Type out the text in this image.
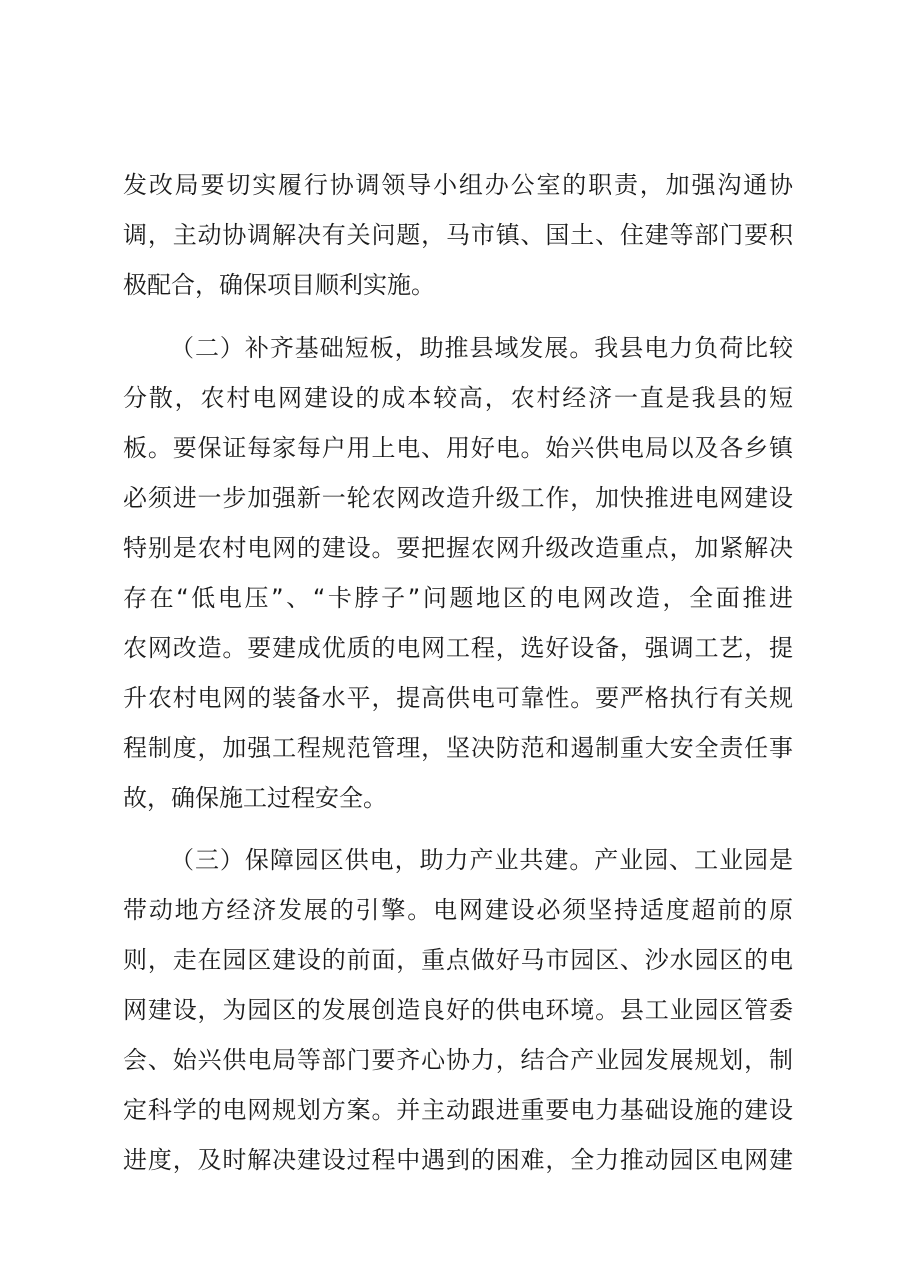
发改局要切实履行协调领导小组办公室的职责，加强沟通协
调，主动协调解决有关问题，马市镇、国土、住建等部门要积
极配合，确保项目顺利实施。
（二）补齐基础短板，助推县域发展。我县电力负荷比较
分散，农村电网建设的成本较高，农村经济一直是我县的短
板。要保证每家每户用上电、用好电。始兴供电局以及各乡镇
必须进一步加强新一轮农网改造升级工作，加快推进电网建设
特别是农村电网的建设。要把握农网升级改造重点，加紧解决
存在“低电压”、“卡脖子”问题地区的电网改造，全面推进
农网改造。要建成优质的电网工程，选好设备，强调工艺，提
升农村电网的装备水平，提高供电可靠性。要严格执行有关规
程制度，加强工程规范管理，坚决防范和遏制重大安全责任事
故，确保施工过程安全。
（三）保障园区供电，助力产业共建。产业园、工业园是
带动地方经济发展的引擎。电网建设必须坚持适度超前的原
则，走在园区建设的前面，重点做好马市园区、沙水园区的电
网建设，为园区的发展创造良好的供电环境。县工业园区管委
会、始兴供电局等部门要齐心协力，结合产业园发展规划，制
定科学的电网规划方案。并主动跟进重要电力基础设施的建设
进度，及时解决建设过程中遇到的困难，全力推动园区电网建
